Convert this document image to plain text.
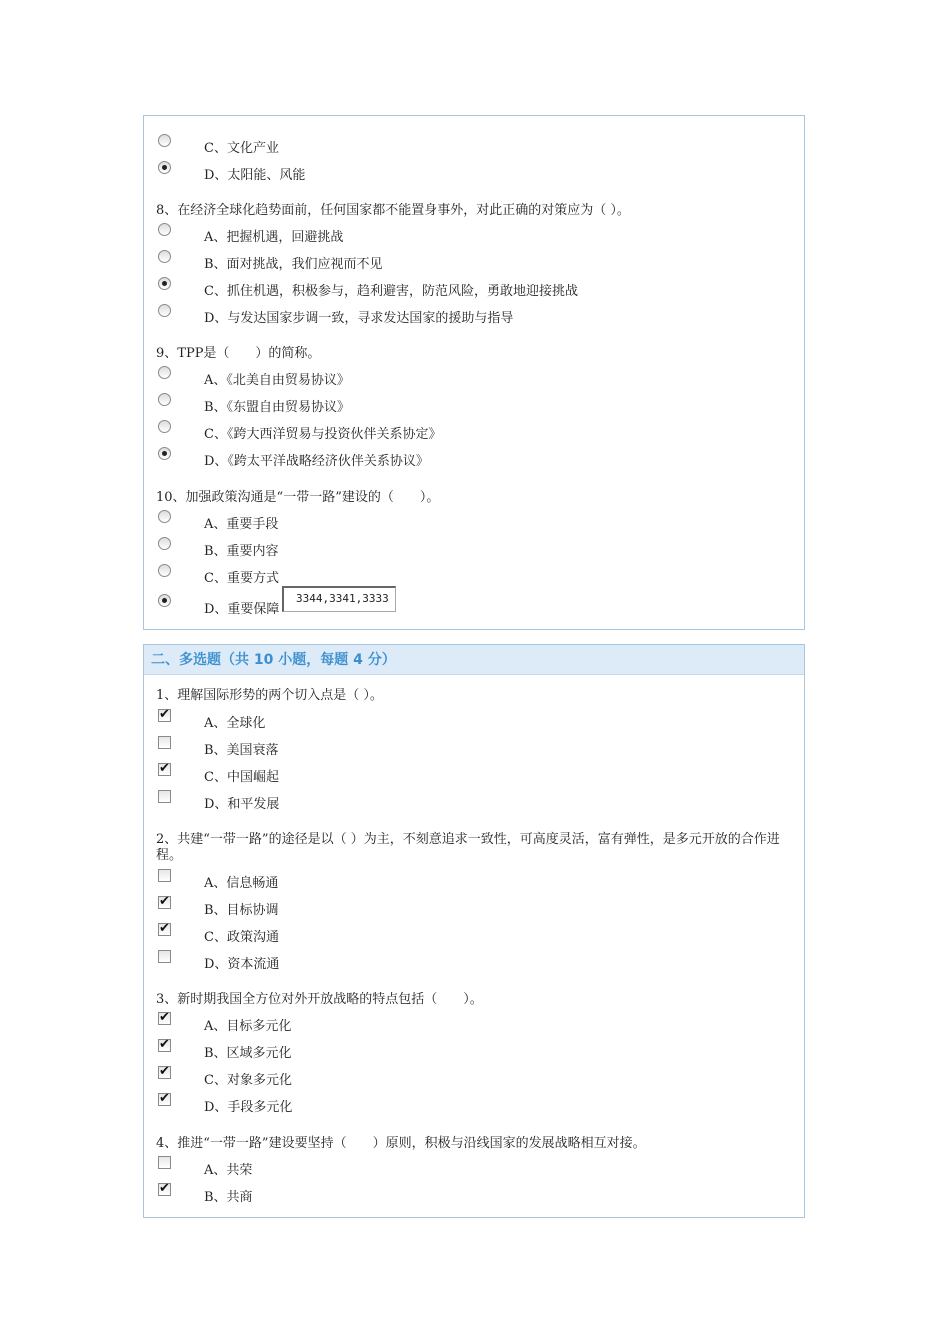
C、文化产业
D、太阳能、风能
8、在经济全球化趋势面前，任何国家都不能置身事外，对此正确的对策应为（ ）。
A、把握机遇，回避挑战
B、面对挑战，我们应视而不见
C、抓住机遇，积极参与，趋利避害，防范风险，勇敢地迎接挑战
D、与发达国家步调一致，寻求发达国家的援助与指导
9、TPP是（　　）的简称。
A、《北美自由贸易协议》
B、《东盟自由贸易协议》
C、《跨大西洋贸易与投资伙伴关系协定》
D、《跨太平洋战略经济伙伴关系协议》
10、加强政策沟通是“一带一路”建设的（　　）。
A、重要手段
B、重要内容
C、重要方式
D、重要保障
3344,3341,3333
二、多选题（共 10 小题，每题 4 分）
1、理解国际形势的两个切入点是（ ）。
✔
A、全球化
B、美国衰落
✔
C、中国崛起
D、和平发展
2、共建“一带一路”的途径是以（ ）为主，不刻意追求一致性，可高度灵活，富有弹性，是多元开放的合作进程。
A、信息畅通
✔
B、目标协调
✔
C、政策沟通
D、资本流通
3、新时期我国全方位对外开放战略的特点包括（　　）。
✔
A、目标多元化
✔
B、区域多元化
✔
C、对象多元化
✔
D、手段多元化
4、推进“一带一路”建设要坚持（　　）原则，积极与沿线国家的发展战略相互对接。
A、共荣
✔
B、共商
